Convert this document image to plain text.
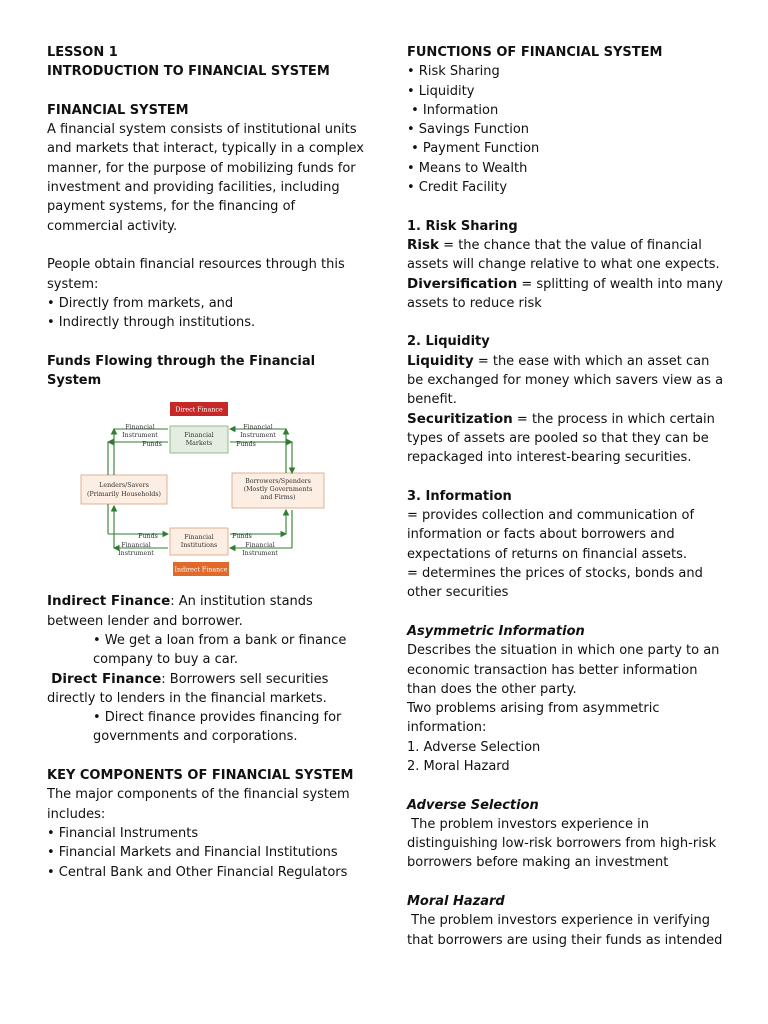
LESSON 1

INTRODUCTION TO FINANCIAL SYSTEM

FINANCIAL SYSTEM

A financial system consists of institutional units and markets that interact, typically in a complex manner, for the purpose of mobilizing funds for investment and providing facilities, including payment systems, for the financing of commercial activity.

People obtain financial resources through this system:

• Directly from markets, and

• Indirectly through institutions.

Funds Flowing through the Financial System

Direct Finance
Financial
Markets
Lenders/Savers
(Primarily Households)
Borrowers/Spenders
(Mostly Governments
and Firms)
Financial
Institutions
Indirect Finance
Financial
Instrument
Funds
Financial
Instrument
Funds
Funds
Financial
Instrument
Funds
Financial
Instrument

Indirect Finance: An institution stands between lender and borrower.

• We get a loan from a bank or finance company to buy a car.

Direct Finance: Borrowers sell securities directly to lenders in the financial markets.

• Direct finance provides financing for governments and corporations.

KEY COMPONENTS OF FINANCIAL SYSTEM

The major components of the financial system includes:

• Financial Instruments

• Financial Markets and Financial Institutions

• Central Bank and Other Financial Regulators

FUNCTIONS OF FINANCIAL SYSTEM

• Risk Sharing

• Liquidity

• Information

• Savings Function

• Payment Function

• Means to Wealth

• Credit Facility

1. Risk Sharing

Risk = the chance that the value of financial assets will change relative to what one expects.

Diversification = splitting of wealth into many assets to reduce risk

2. Liquidity

Liquidity = the ease with which an asset can be exchanged for money which savers view as a benefit.

Securitization = the process in which certain types of assets are pooled so that they can be repackaged into interest-bearing securities.

3. Information

= provides collection and communication of information or facts about borrowers and expectations of returns on financial assets.

= determines the prices of stocks, bonds and other securities

Asymmetric Information

Describes the situation in which one party to an economic transaction has better information than does the other party.

Two problems arising from asymmetric information:

1. Adverse Selection

2. Moral Hazard

Adverse Selection

The problem investors experience in distinguishing low-risk borrowers from high-risk borrowers before making an investment

Moral Hazard

The problem investors experience in verifying that borrowers are using their funds as intended
